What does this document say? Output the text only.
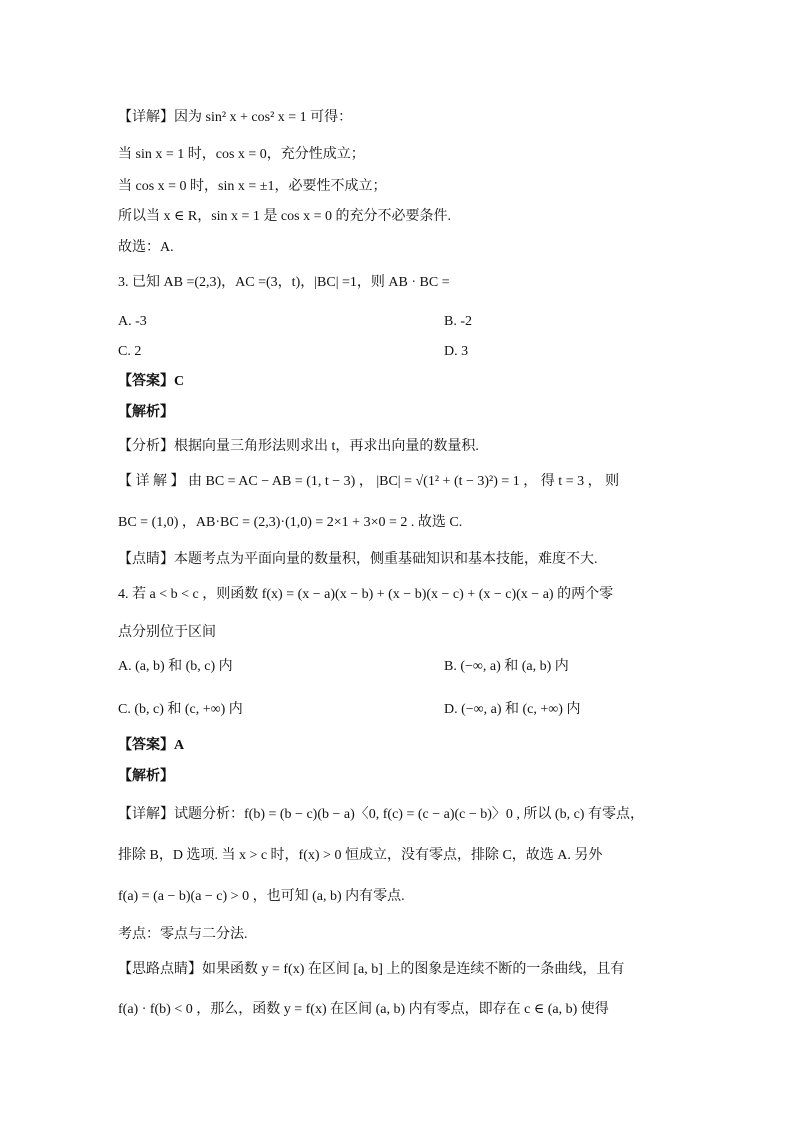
【详解】因为 sin² x + cos² x = 1 可得：
当 sin x = 1 时，cos x = 0，充分性成立；
当 cos x = 0 时，sin x = ±1，必要性不成立；
所以当 x ∈ R，sin x = 1 是 cos x = 0 的充分不必要条件.
故选：A.
3. 已知 AB =(2,3)，AC =(3，t)，|BC| =1，则 AB · BC =
A. -3	B. -2
C. 2	D. 3
【答案】C
【解析】
【分析】根据向量三角形法则求出 t，再求出向量的数量积.
【 详 解 】 由 BC = AC − AB = (1, t − 3) ， |BC| = √(1² + (t − 3)²) = 1 ， 得 t = 3 ， 则
BC = (1,0) ，AB·BC = (2,3)·(1,0) = 2×1 + 3×0 = 2 . 故选 C.
【点睛】本题考点为平面向量的数量积，侧重基础知识和基本技能，难度不大.
4. 若 a < b < c ，则函数 f(x) = (x − a)(x − b) + (x − b)(x − c) + (x − c)(x − a) 的两个零
点分别位于区间
A. (a, b) 和 (b, c) 内	B. (−∞, a) 和 (a, b) 内
C. (b, c) 和 (c, +∞) 内	D. (−∞, a) 和 (c, +∞) 内
【答案】A
【解析】
【详解】试题分析：f(b) = (b − c)(b − a)〈0, f(c) = (c − a)(c − b)〉0 , 所以 (b, c) 有零点，
排除 B，D 选项. 当 x > c 时，f(x) > 0 恒成立，没有零点，排除 C，故选 A. 另外
f(a) = (a − b)(a − c) > 0 ，也可知 (a, b) 内有零点.
考点：零点与二分法.
【思路点睛】如果函数 y = f(x) 在区间 [a, b] 上的图象是连续不断的一条曲线，且有
f(a) · f(b) < 0 ，那么，函数 y = f(x) 在区间 (a, b) 内有零点，即存在 c ∈ (a, b) 使得
